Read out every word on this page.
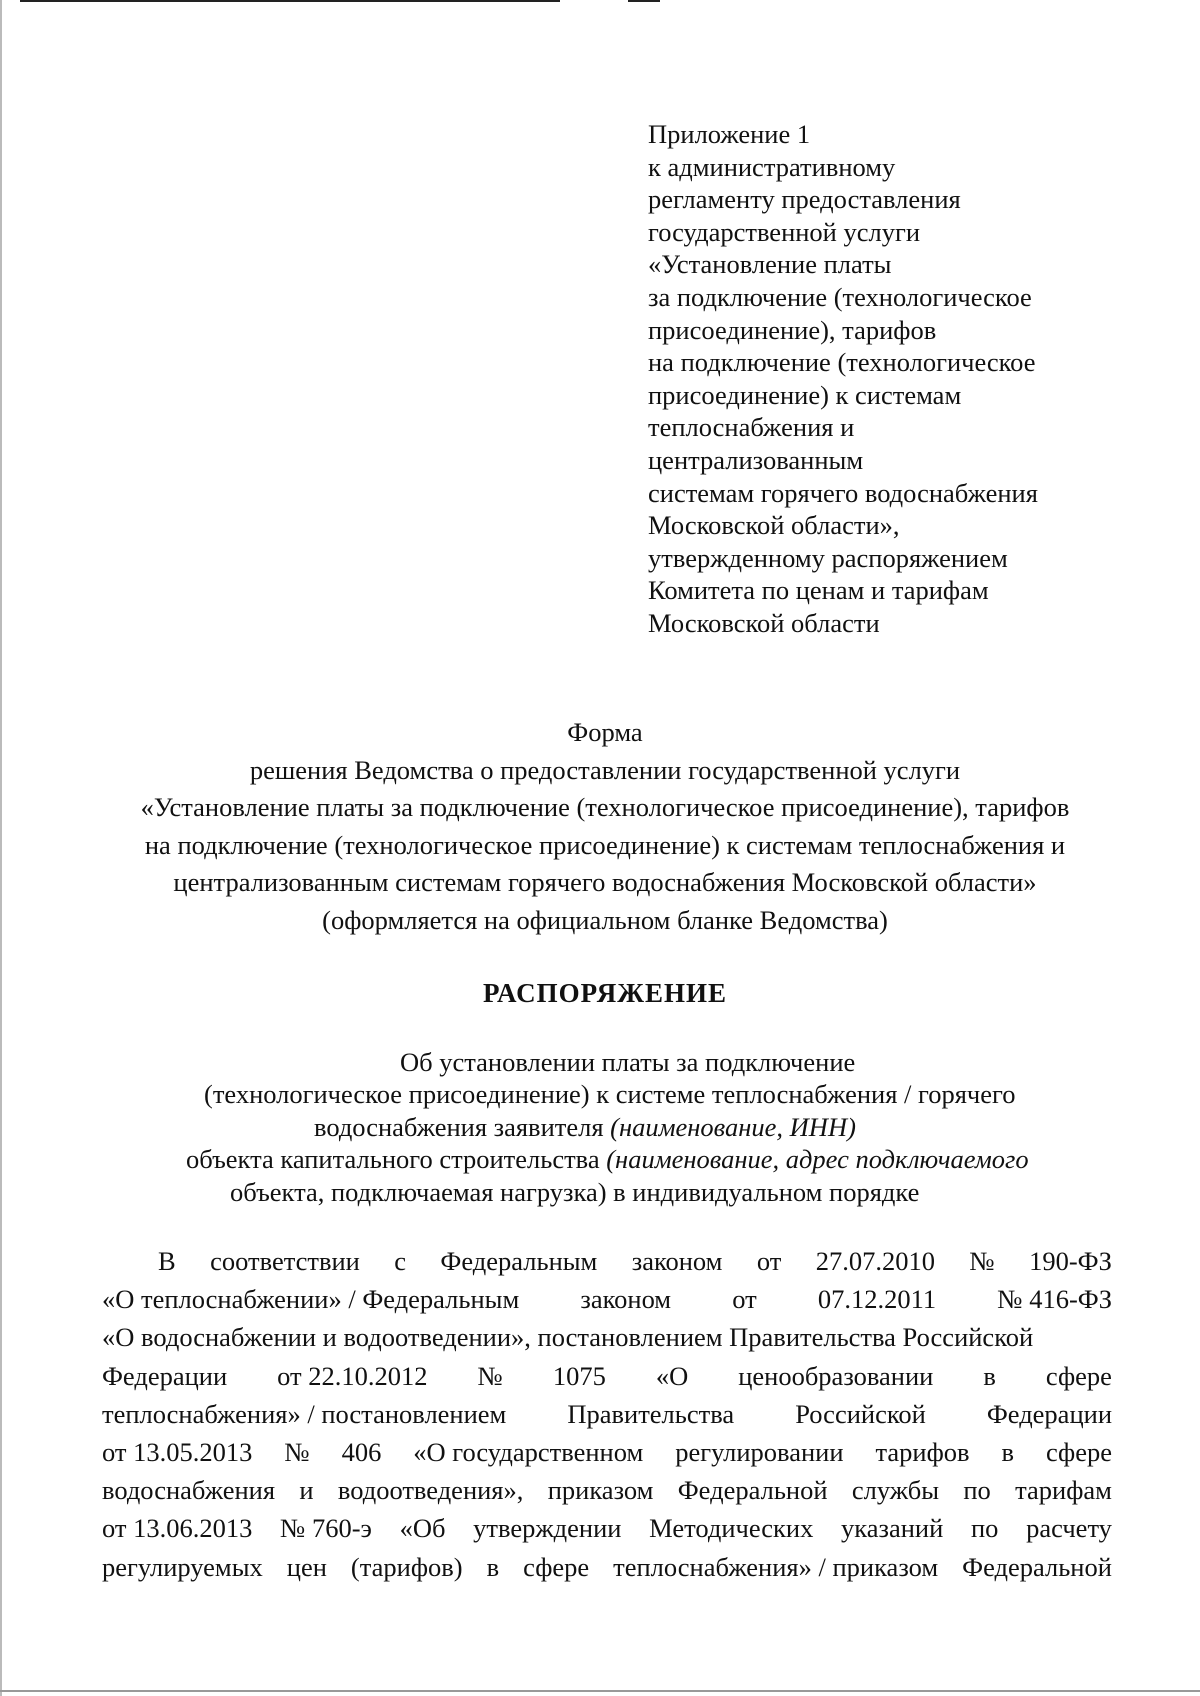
Приложение 1
к административному
регламенту предоставления
государственной услуги
«Установление платы
за подключение (технологическое
присоединение), тарифов
на подключение (технологическое
присоединение) к системам
теплоснабжения и
централизованным
системам горячего водоснабжения
Московской области»,
утвержденному распоряжением
Комитета по ценам и тарифам
Московской области
Форма
решения Ведомства о предоставлении государственной услуги
«Установление платы за подключение (технологическое присоединение), тарифов
на подключение (технологическое присоединение) к системам теплоснабжения и
централизованным системам горячего водоснабжения Московской области»
(оформляется на официальном бланке Ведомства)
РАСПОРЯЖЕНИЕ
Об установлении платы за подключение
(технологическое присоединение) к системе теплоснабжения / горячего
водоснабжения заявителя (наименование, ИНН)
объекта капитального строительства (наименование, адрес подключаемого
объекта, подключаемая нагрузка) в индивидуальном порядке
В соответствии с Федеральным законом от 27.07.2010 № 190-ФЗ
«О теплоснабжении» / Федеральным законом от 07.12.2011 № 416-ФЗ
«О водоснабжении и водоотведении», постановлением Правительства Российской
Федерации от 22.10.2012 № 1075 «О ценообразовании в сфере
теплоснабжения» / постановлением Правительства Российской Федерации
от 13.05.2013 № 406 «О государственном регулировании тарифов в сфере
водоснабжения и водоотведения», приказом Федеральной службы по тарифам
от 13.06.2013 № 760-э «Об утверждении Методических указаний по расчету
регулируемых цен (тарифов) в сфере теплоснабжения» / приказом Федеральной
